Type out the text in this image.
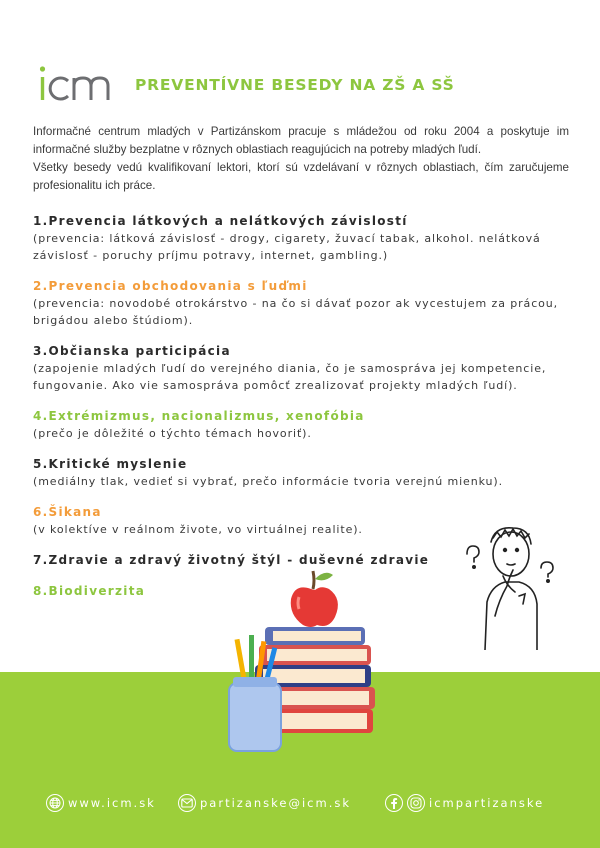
PREVENTÍVNE BESEDY NA ZŠ A SŠ

Informačné centrum mladých v Partizánskom pracuje s mládežou od roku 2004 a poskytuje im informačné služby bezplatne v rôznych oblastiach reagujúcich na potreby mladých ľudí.

Všetky besedy vedú kvalifikovaní lektori, ktorí sú vzdelávaní v rôznych oblastiach, čím zaručujeme profesionalitu ich práce.

1.Prevencia látkových a nelátkových závislostí
(prevencia: látková závislosť - drogy, cigarety, žuvací tabak, alkohol. nelátková závislosť - poruchy príjmu potravy, internet, gambling.)
2.Prevencia obchodovania s ľuďmi
(prevencia: novodobé otrokárstvo - na čo si dávať pozor ak vycestujem za prácou, brigádou alebo štúdiom).
3.Občianska participácia
(zapojenie mladých ľudí do verejného diania, čo je samospráva jej kompetencie, fungovanie. Ako vie samospráva pomôcť zrealizovať projekty mladých ľudí).
4.Extrémizmus, nacionalizmus, xenofóbia
(prečo je dôležité o týchto témach hovoriť).
5.Kritické myslenie
(mediálny tlak, vedieť si vybrať, prečo informácie tvoria verejnú mienku).
6.Šikana
(v kolektíve v reálnom živote, vo virtuálnej realite).
7.Zdravie a zdravý životný štýl - duševné zdravie
8.Biodiverzita
www.icm.sk	partizanske@icm.sk	icmpartizanske
